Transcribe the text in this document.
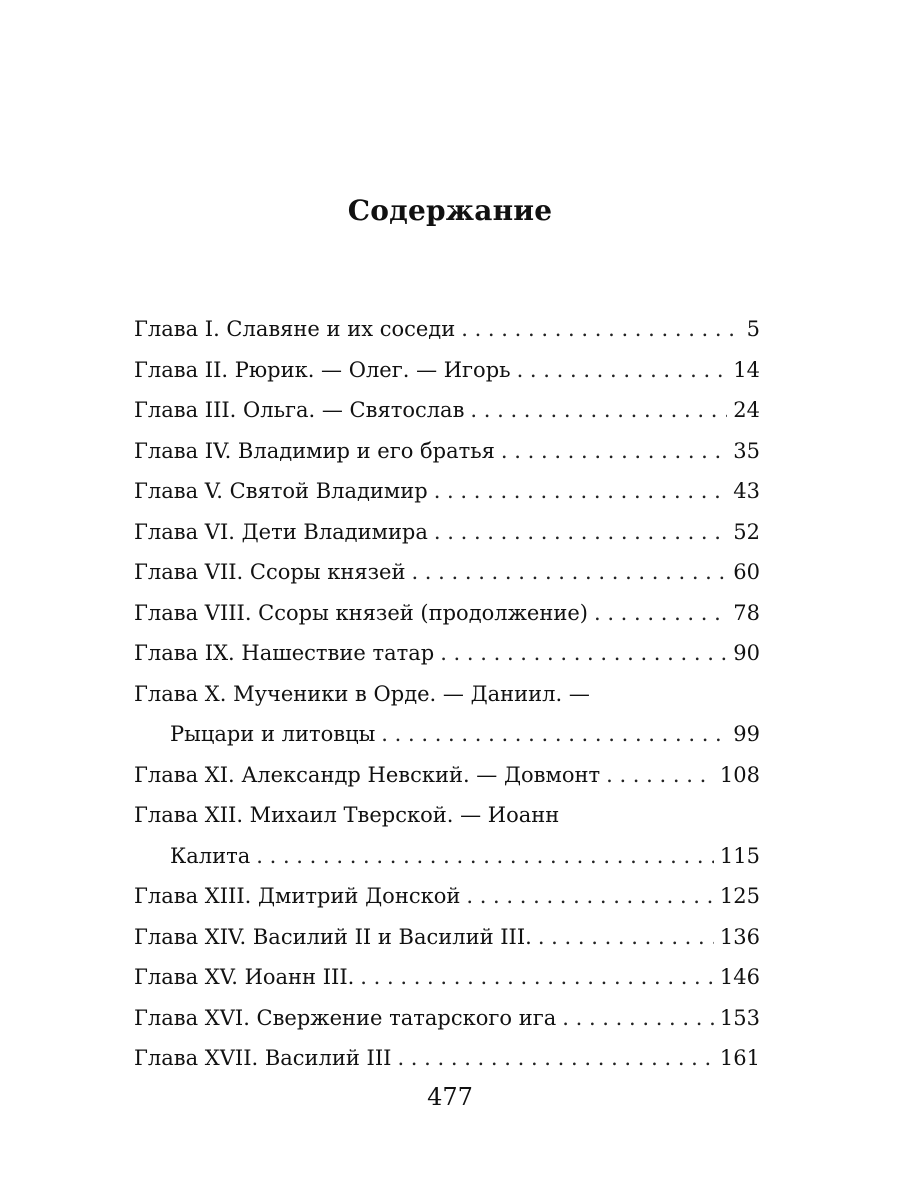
Содержание
Глава I. Славяне и их соседи . . .	5
Глава II. Рюрик. — Олег. — Игорь . . .	14
Глава III. Ольга. — Святослав . . .	24
Глава IV. Владимир и его братья . . .	35
Глава V. Святой Владимир . . .	43
Глава VI. Дети Владимира . . .	52
Глава VII. Ссоры князей . . .	60
Глава VIII. Ссоры князей (продолжение) . . .	78
Глава IX. Нашествие татар . . .	90
Глава X. Мученики в Орде. — Даниил. —
Рыцари и литовцы . . .	99
Глава XI. Александр Невский. — Довмонт . . .	108
Глава XII. Михаил Тверской. — Иоанн
Калита . . .	115
Глава XIII. Дмитрий Донской . . .	125
Глава XIV. Василий II и Василий III. . . .	136
Глава XV. Иоанн III. . . .	146
Глава XVI. Свержение татарского ига . . .	153
Глава XVII. Василий III . . .	161
477
